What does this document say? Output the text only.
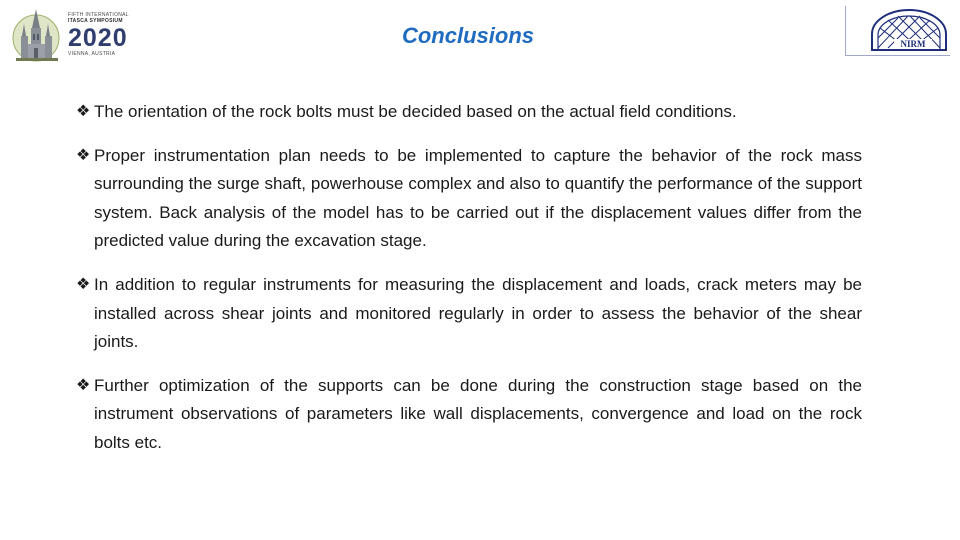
FIFTH INTERNATIONAL
ITASCA SYMPOSIUM
2020
VIENNA, AUSTRIA
Conclusions	NIRM
❖ The orientation of the rock bolts must be decided based on the actual field conditions.
❖ Proper instrumentation plan needs to be implemented to capture the behavior of the rock mass surrounding the surge shaft, powerhouse complex and also to quantify the performance of the support system. Back analysis of the model has to be carried out if the displacement values differ from the predicted value during the excavation stage.
❖ In addition to regular instruments for measuring the displacement and loads, crack meters may be installed across shear joints and monitored regularly in order to assess the behavior of the shear joints.
❖ Further optimization of the supports can be done during the construction stage based on the instrument observations of parameters like wall displacements, convergence and load on the rock bolts etc.
